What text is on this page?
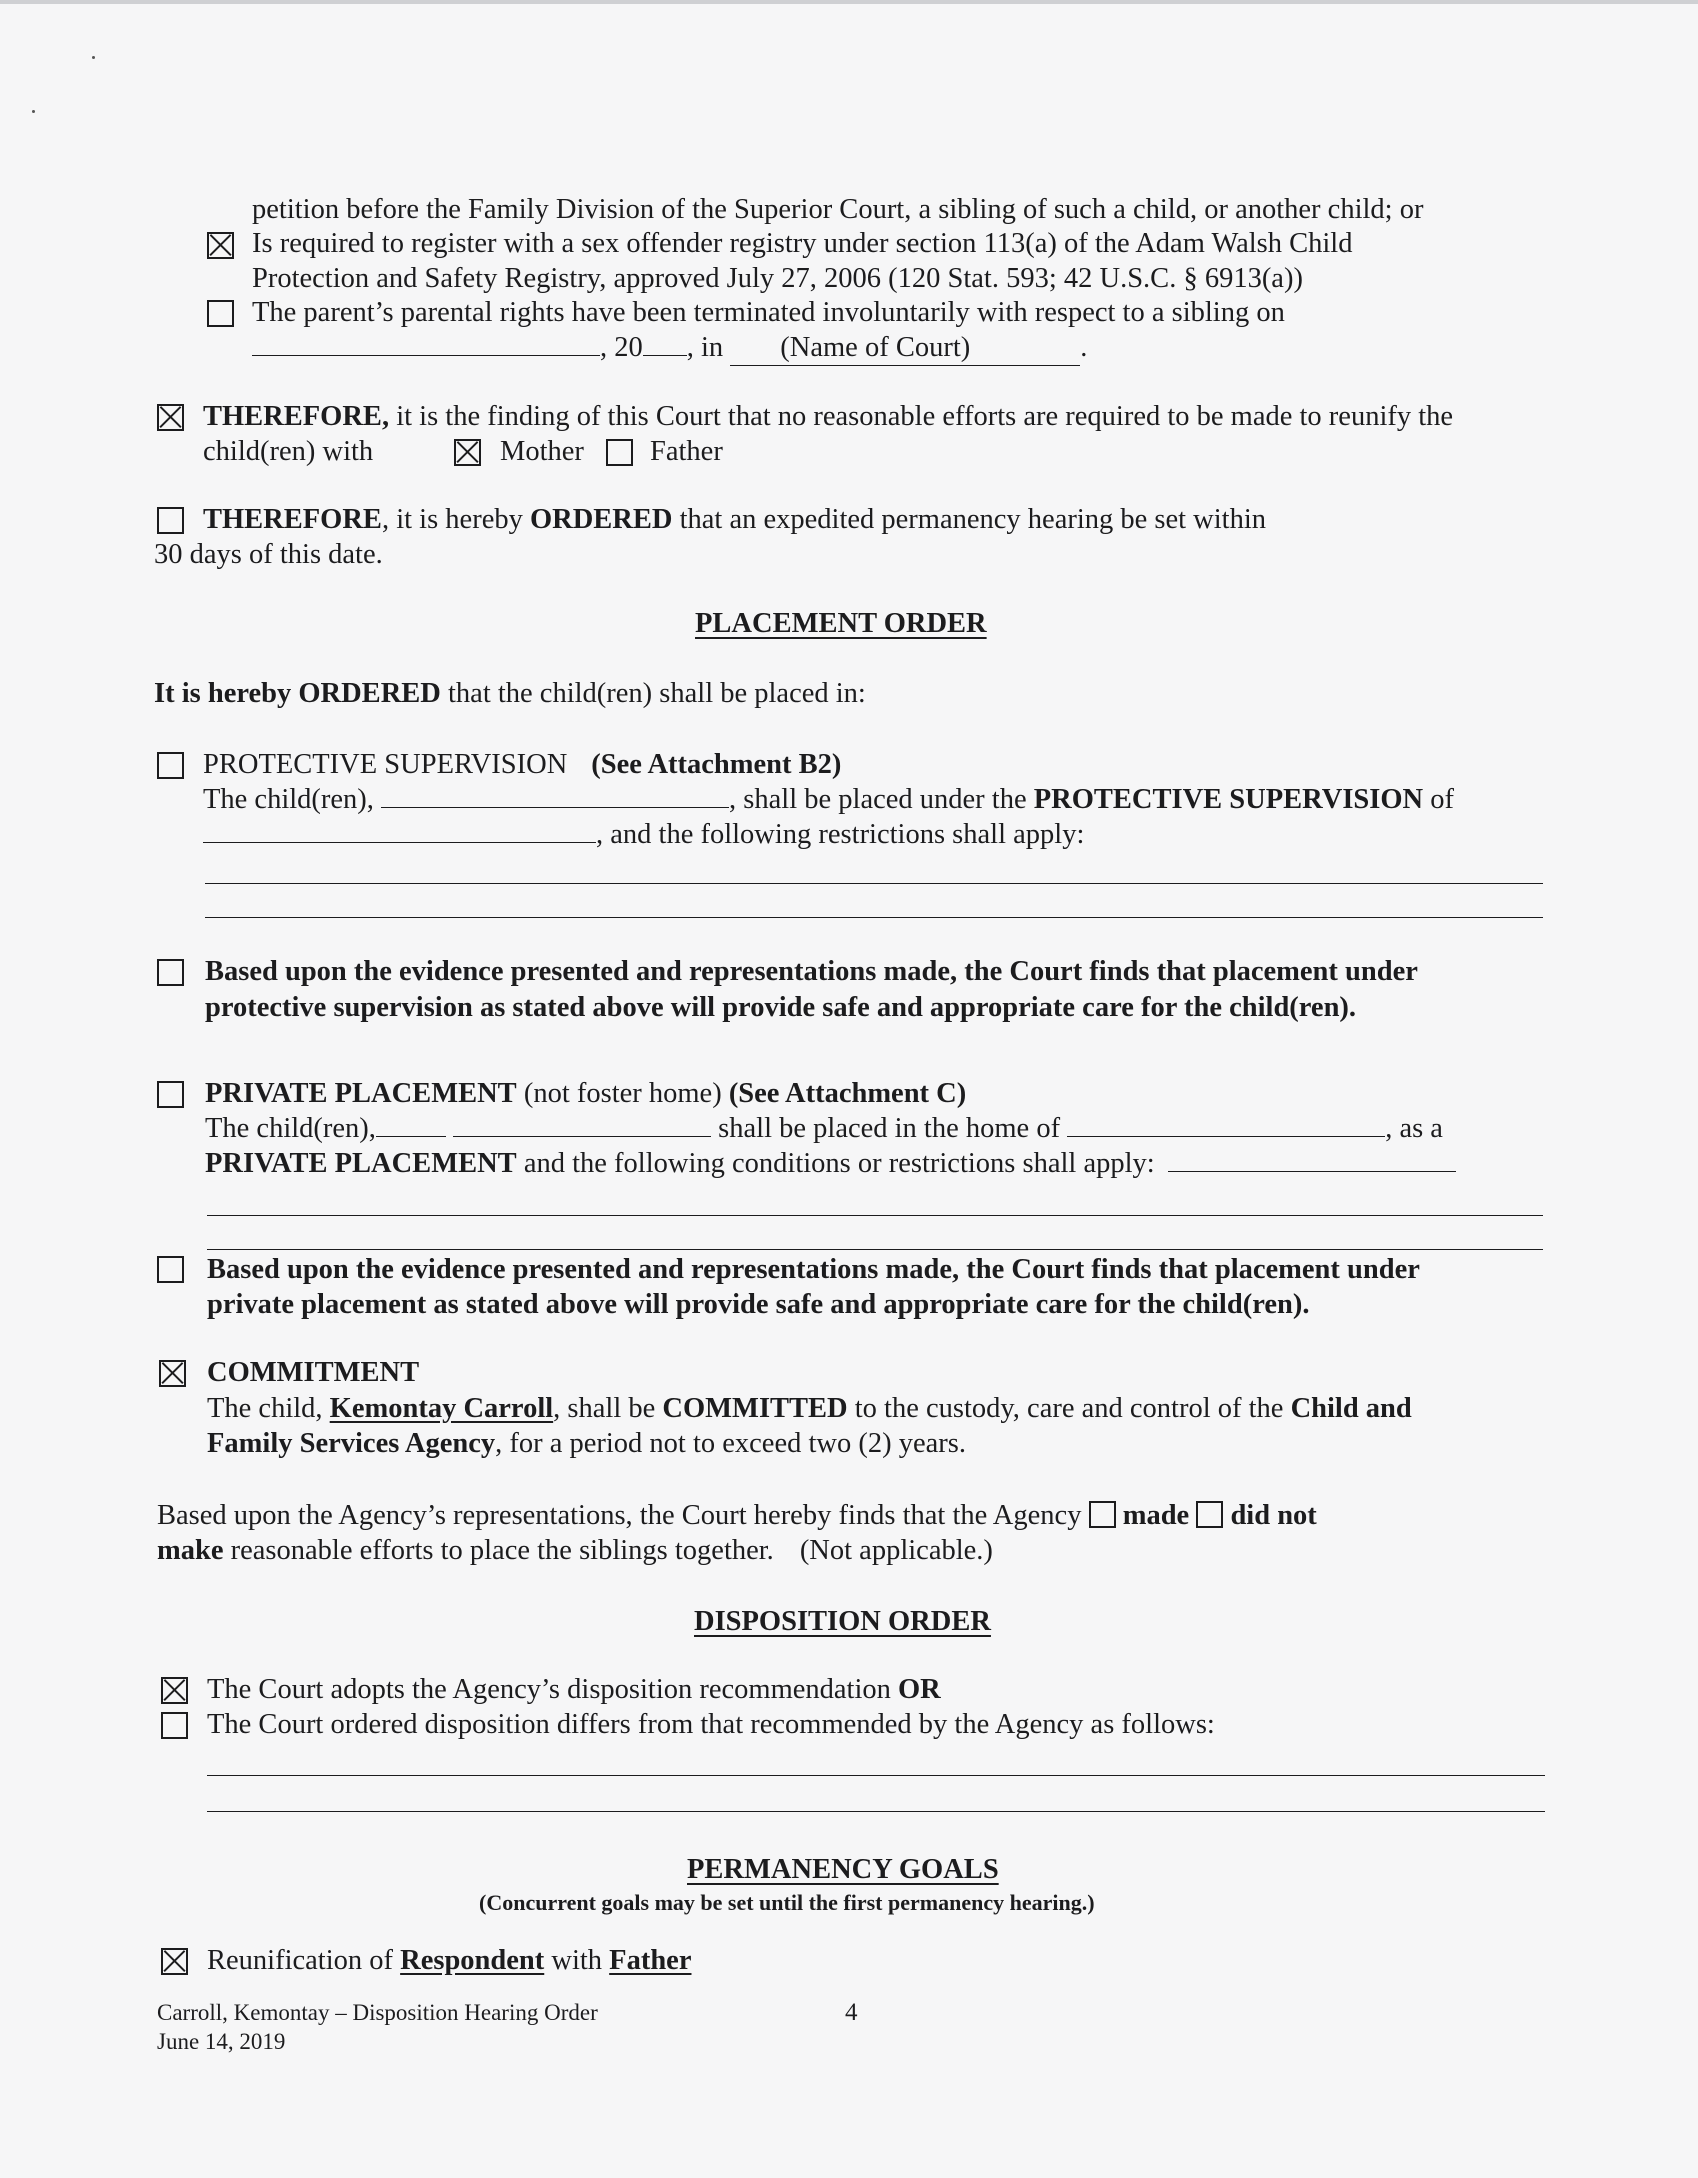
petition before the Family Division of the Superior Court, a sibling of such a child, or another child; or
Is required to register with a sex offender registry under section 113(a) of the Adam Walsh Child
Protection and Safety Registry, approved July 27, 2006 (120 Stat. 593; 42 U.S.C. § 6913(a))
The parent’s parental rights have been terminated involuntarily with respect to a sibling on
, 20 , in (Name of Court)	.
THEREFORE, it is the finding of this Court that no reasonable efforts are required to be made to reunify the
child(ren) with	Mother Father
THEREFORE, it is hereby ORDERED that an expedited permanency hearing be set within
30 days of this date.
PLACEMENT ORDER
It is hereby ORDERED that the child(ren) shall be placed in:
PROTECTIVE SUPERVISION (See Attachment B2)
The child(ren),	, shall be placed under the PROTECTIVE SUPERVISION of
, and the following restrictions shall apply:
Based upon the evidence presented and representations made, the Court finds that placement under
protective supervision as stated above will provide safe and appropriate care for the child(ren).
PRIVATE PLACEMENT (not foster home) (See Attachment C)
The child(ren),	shall be placed in the home of	, as a
PRIVATE PLACEMENT and the following conditions or restrictions shall apply:
Based upon the evidence presented and representations made, the Court finds that placement under
private placement as stated above will provide safe and appropriate care for the child(ren).
COMMITMENT
The child, Kemontay Carroll, shall be COMMITTED to the custody, care and control of the Child and
Family Services Agency, for a period not to exceed two (2) years.
Based upon the Agency’s representations, the Court hereby finds that the Agency made did not
make reasonable efforts to place the siblings together. (Not applicable.)
DISPOSITION ORDER
The Court adopts the Agency’s disposition recommendation OR
The Court ordered disposition differs from that recommended by the Agency as follows:
PERMANENCY GOALS
(Concurrent goals may be set until the first permanency hearing.)
Reunification of Respondent with Father
Carroll, Kemontay – Disposition Hearing Order
June 14, 2019
4
